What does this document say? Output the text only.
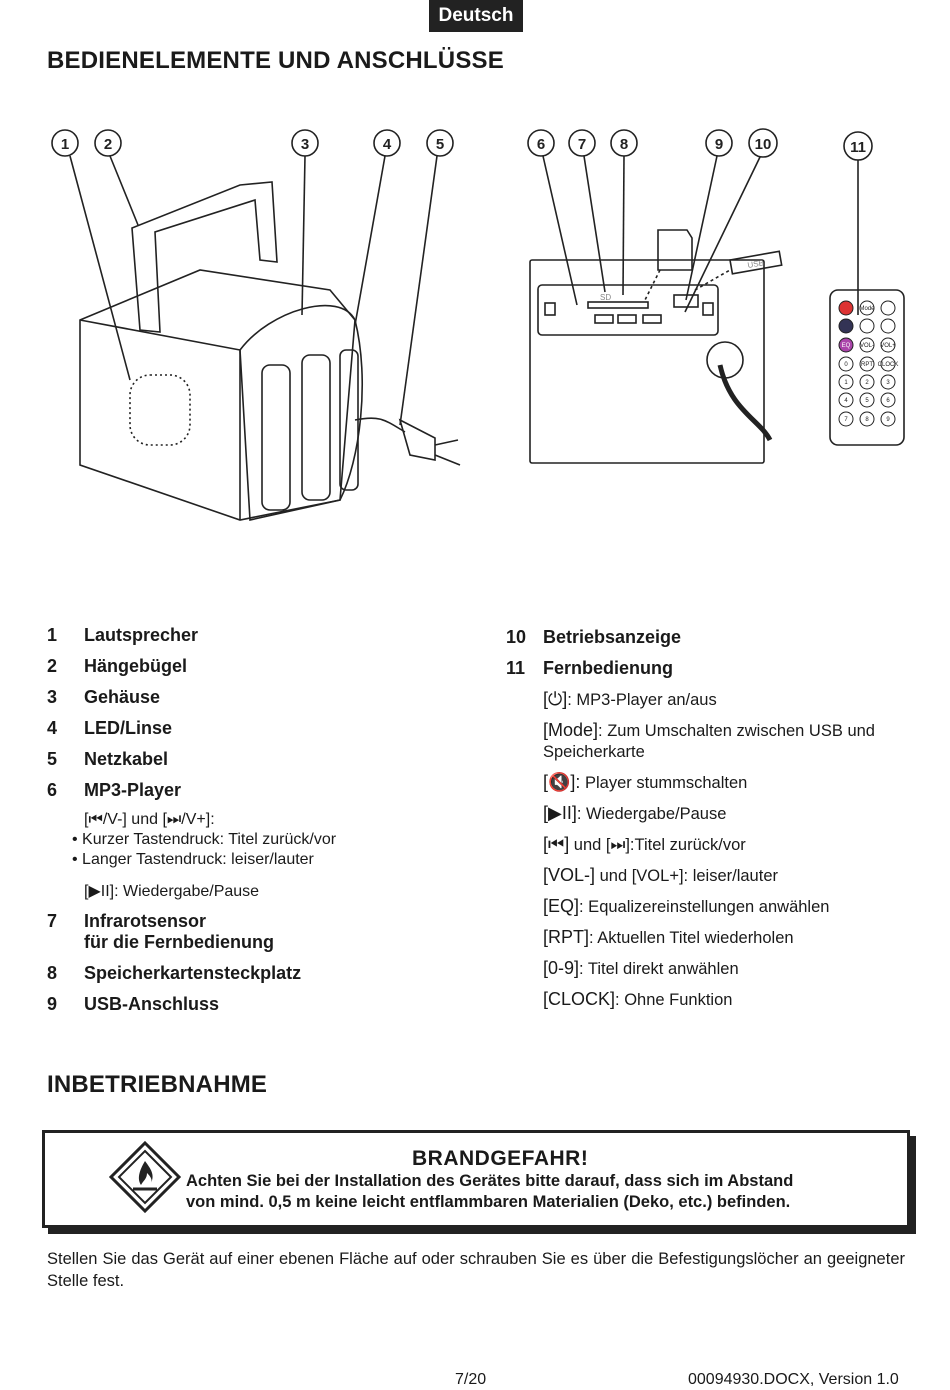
Deutsch
BEDIENELEMENTE UND ANSCHLÜSSE
1 2	3	4	5	6 7 8	9 10	11
SD
USB
Mode
EQ VOL- VOL+
0 RPT CLOCK
1	2	3
4	5	6
7	8	9
1	Lautsprecher
2	Hängebügel
3	Gehäuse
4	LED/Linse
5	Netzkabel
6	MP3-Player
[⏮/V-] und [⏭/V+]:
• Kurzer Tastendruck: Titel zurück/vor
• Langer Tastendruck: leiser/lauter
[▶II]: Wiedergabe/Pause
7	Infrarotsensor
für die Fernbedienung
8	Speicherkartensteckplatz
9	USB-Anschluss
10 Betriebsanzeige
11 Fernbedienung
[⏻]: MP3-Player an/aus
[Mode]: Zum Umschalten zwischen USB und Speicherkarte
[🔇]: Player stummschalten
[▶II]: Wiedergabe/Pause
[⏮] und [⏭]:Titel zurück/vor
[VOL-] und [VOL+]: leiser/lauter
[EQ]: Equalizereinstellungen anwählen
[RPT]: Aktuellen Titel wiederholen
[0-9]: Titel direkt anwählen
[CLOCK]: Ohne Funktion
INBETRIEBNAHME
BRANDGEFAHR!
Achten Sie bei der Installation des Gerätes bitte darauf, dass sich im Abstand
von mind. 0,5 m keine leicht entflammbaren Materialien (Deko, etc.) befinden.
Stellen Sie das Gerät auf einer ebenen Fläche auf oder schrauben Sie es über die Befestigungslöcher an geeigneter Stelle fest.
7/20	00094930.DOCX, Version 1.0
